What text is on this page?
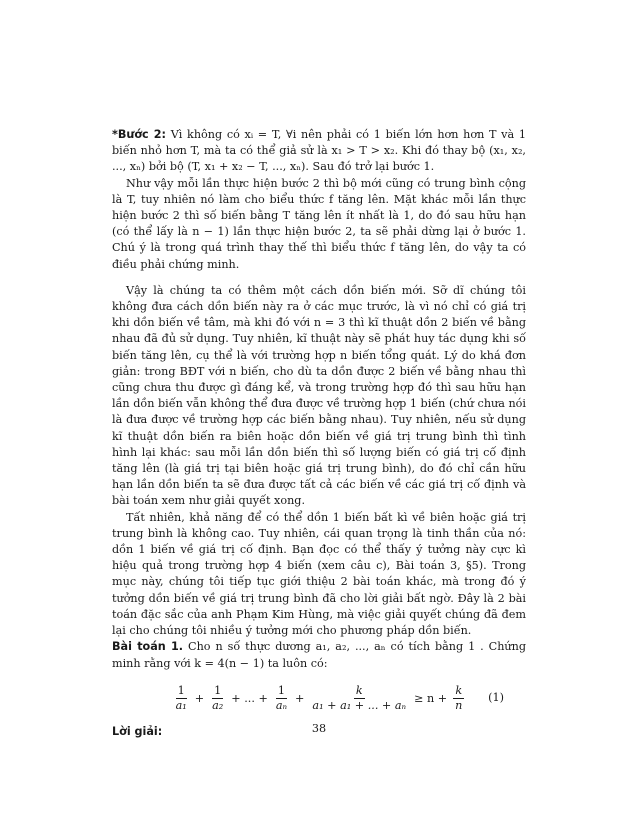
*Bước 2: Vì không có xᵢ = T, ∀i nên phải có 1 biến lớn hơn hơn T và 1 biến nhỏ hơn T, mà ta có thể giả sử là x₁ > T > x₂. Khi đó thay bộ (x₁, x₂, ..., xₙ) bởi bộ (T, x₁ + x₂ − T, ..., xₙ). Sau đó trở lại bước 1.

Như vậy mỗi lần thực hiện bước 2 thì bộ mới cũng có trung bình cộng là T, tuy nhiên nó làm cho biểu thức f tăng lên. Mặt khác mỗi lần thực hiện bước 2 thì số biến bằng T tăng lên ít nhất là 1, do đó sau hữu hạn (có thể lấy là n − 1) lần thực hiện bước 2, ta sẽ phải dừng lại ở bước 1. Chú ý là trong quá trình thay thế thì biểu thức f tăng lên, do vậy ta có điều phải chứng minh.

Vậy là chúng ta có thêm một cách dồn biến mới. Sỡ dĩ chúng tôi không đưa cách dồn biến này ra ở các mục trước, là vì nó chỉ có giá trị khi dồn biến về tâm, mà khi đó với n = 3 thì kĩ thuật dồn 2 biến về bằng nhau đã đủ sử dụng. Tuy nhiên, kĩ thuật này sẽ phát huy tác dụng khi số biến tăng lên, cụ thể là với trường hợp n biến tổng quát. Lý do khá đơn giản: trong BĐT với n biến, cho dù ta dồn được 2 biến về bằng nhau thì cũng chưa thu được gì đáng kể, và trong trường hợp đó thì sau hữu hạn lần dồn biến vẫn không thể đưa được về trường hợp 1 biến (chứ chưa nói là đưa được về trường hợp các biến bằng nhau). Tuy nhiên, nếu sử dụng kĩ thuật dồn biến ra biên hoặc dồn biến về giá trị trung bình thì tình hình lại khác: sau mỗi lần dồn biến thì số lượng biến có giá trị cố định tăng lên (là giá trị tại biên hoặc giá trị trung bình), do đó chỉ cần hữu hạn lần dồn biến ta sẽ đưa được tất cả các biến về các giá trị cố định và bài toán xem như giải quyết xong.

Tất nhiên, khả năng để có thể dồn 1 biến bất kì về biên hoặc giá trị trung bình là không cao. Tuy nhiên, cái quan trọng là tinh thần của nó: dồn 1 biến về giá trị cố định. Bạn đọc có thể thấy ý tưởng này cực kì hiệu quả trong trường hợp 4 biến (xem câu c), Bài toán 3, §5). Trong mục này, chúng tôi tiếp tục giới thiệu 2 bài toán khác, mà trong đó ý tưởng dồn biến về giá trị trung bình đã cho lời giải bất ngờ. Đây là 2 bài toán đặc sắc của anh Phạm Kim Hùng, mà việc giải quyết chúng đã đem lại cho chúng tôi nhiều ý tưởng mới cho phương pháp dồn biến.

Bài toán 1. Cho n số thực dương a₁, a₂, ..., aₙ có tích bằng 1 . Chứng minh rằng với k = 4(n − 1) ta luôn có:

$\frac{1}{\text{a₁}} + \frac{1}{\text{a₂}}$ + ... + $\frac{1}{\text{aₙ}} + \frac{k}{\text{a₁ + a₁ + ... + aₙ}} \ge n + \frac{k}{n} (1)$

Lời giải:	38
